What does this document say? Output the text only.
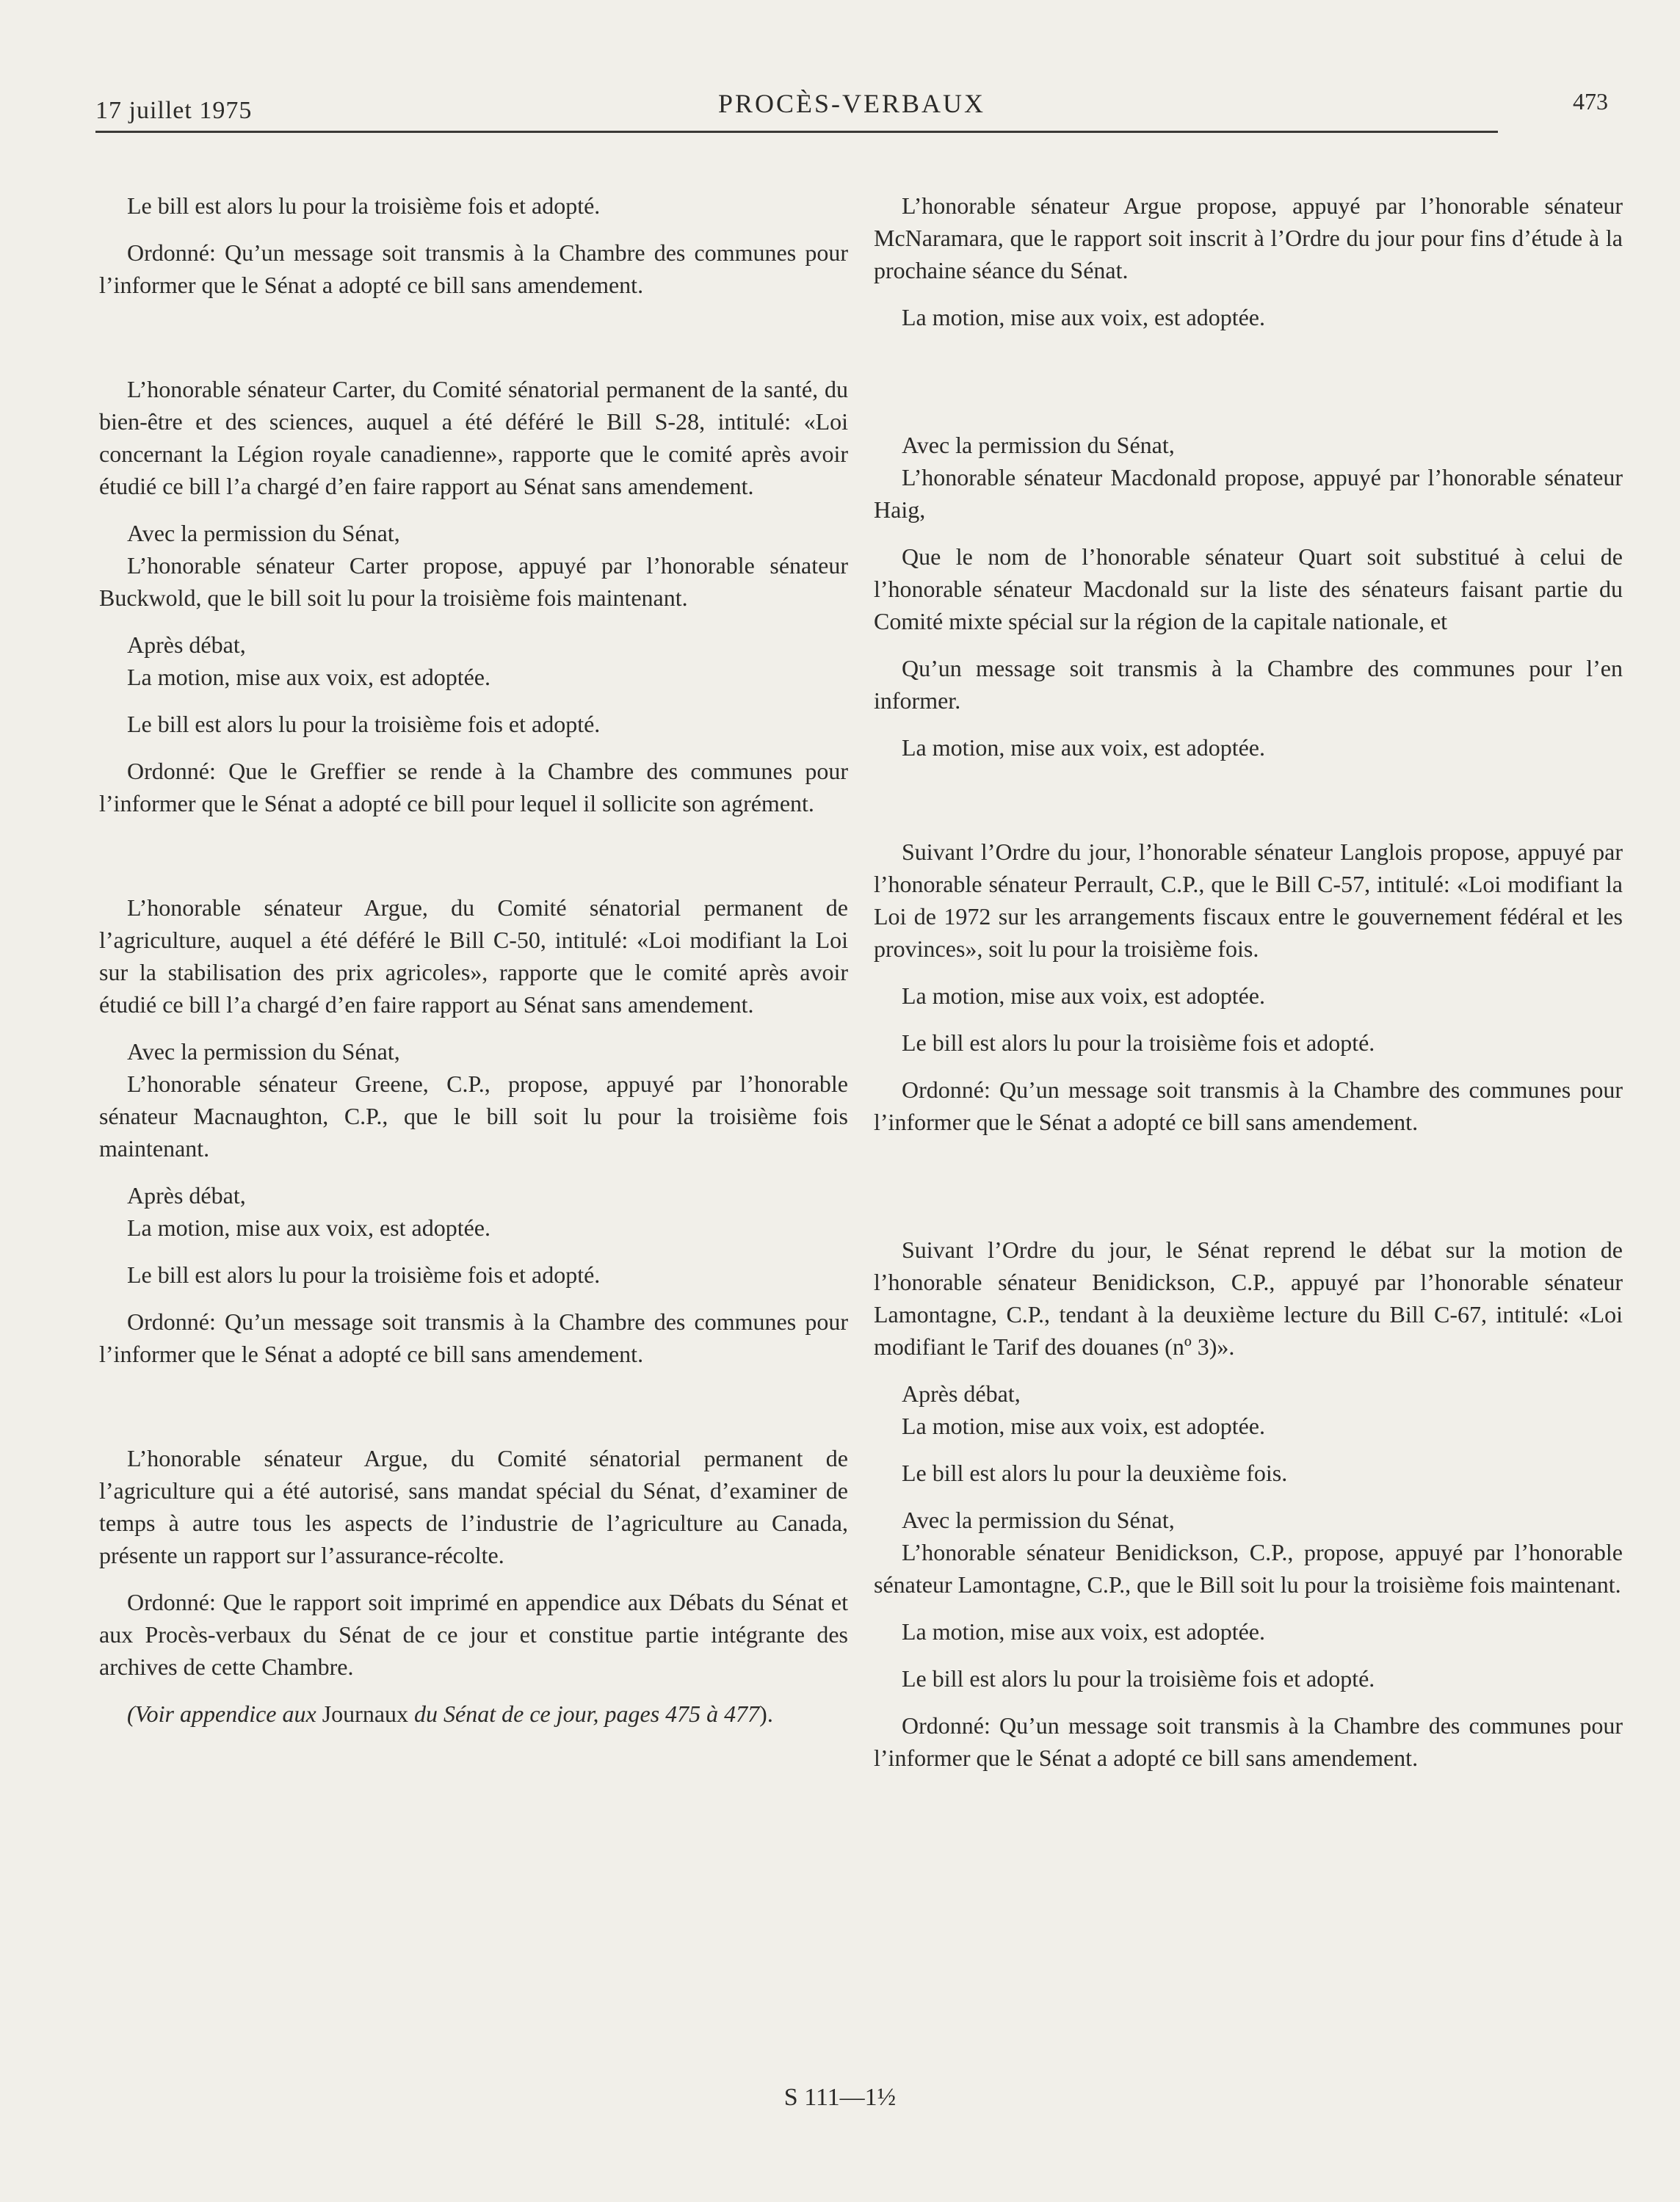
17 juillet 1975	PROCÈS-VERBAUX	473

Le bill est alors lu pour la troisième fois et adopté.

Ordonné: Qu’un message soit transmis à la Chambre des communes pour l’informer que le Sénat a adopté ce bill sans amendement.

L’honorable sénateur Carter, du Comité sénatorial permanent de la santé, du bien-être et des sciences, auquel a été déféré le Bill S-28, intitulé: «Loi concernant la Légion royale canadienne», rapporte que le comité après avoir étudié ce bill l’a chargé d’en faire rapport au Sénat sans amendement.

Avec la permission du Sénat,

L’honorable sénateur Carter propose, appuyé par l’honorable sénateur Buckwold, que le bill soit lu pour la troisième fois maintenant.

Après débat,

La motion, mise aux voix, est adoptée.

Le bill est alors lu pour la troisième fois et adopté.

Ordonné: Que le Greffier se rende à la Chambre des communes pour l’informer que le Sénat a adopté ce bill pour lequel il sollicite son agrément.

L’honorable sénateur Argue, du Comité sénatorial permanent de l’agriculture, auquel a été déféré le Bill C-50, intitulé: «Loi modifiant la Loi sur la stabilisation des prix agricoles», rapporte que le comité après avoir étudié ce bill l’a chargé d’en faire rapport au Sénat sans amendement.

Avec la permission du Sénat,

L’honorable sénateur Greene, C.P., propose, appuyé par l’honorable sénateur Macnaughton, C.P., que le bill soit lu pour la troisième fois maintenant.

Après débat,

La motion, mise aux voix, est adoptée.

Le bill est alors lu pour la troisième fois et adopté.

Ordonné: Qu’un message soit transmis à la Chambre des communes pour l’informer que le Sénat a adopté ce bill sans amendement.

L’honorable sénateur Argue, du Comité sénatorial permanent de l’agriculture qui a été autorisé, sans mandat spécial du Sénat, d’examiner de temps à autre tous les aspects de l’industrie de l’agriculture au Canada, présente un rapport sur l’assurance-récolte.

Ordonné: Que le rapport soit imprimé en appendice aux Débats du Sénat et aux Procès-verbaux du Sénat de ce jour et constitue partie intégrante des archives de cette Chambre.

(Voir appendice aux Journaux du Sénat de ce jour, pages 475 à 477).

L’honorable sénateur Argue propose, appuyé par l’honorable sénateur McNaramara, que le rapport soit inscrit à l’Ordre du jour pour fins d’étude à la prochaine séance du Sénat.

La motion, mise aux voix, est adoptée.

Avec la permission du Sénat,

L’honorable sénateur Macdonald propose, appuyé par l’honorable sénateur Haig,

Que le nom de l’honorable sénateur Quart soit substitué à celui de l’honorable sénateur Macdonald sur la liste des sénateurs faisant partie du Comité mixte spécial sur la région de la capitale nationale, et

Qu’un message soit transmis à la Chambre des communes pour l’en informer.

La motion, mise aux voix, est adoptée.

Suivant l’Ordre du jour, l’honorable sénateur Langlois propose, appuyé par l’honorable sénateur Perrault, C.P., que le Bill C-57, intitulé: «Loi modifiant la Loi de 1972 sur les arrangements fiscaux entre le gouvernement fédéral et les provinces», soit lu pour la troisième fois.

La motion, mise aux voix, est adoptée.

Le bill est alors lu pour la troisième fois et adopté.

Ordonné: Qu’un message soit transmis à la Chambre des communes pour l’informer que le Sénat a adopté ce bill sans amendement.

Suivant l’Ordre du jour, le Sénat reprend le débat sur la motion de l’honorable sénateur Benidickson, C.P., appuyé par l’honorable sénateur Lamontagne, C.P., tendant à la deuxième lecture du Bill C-67, intitulé: «Loi modifiant le Tarif des douanes (nº 3)».

Après débat,

La motion, mise aux voix, est adoptée.

Le bill est alors lu pour la deuxième fois.

Avec la permission du Sénat,

L’honorable sénateur Benidickson, C.P., propose, appuyé par l’honorable sénateur Lamontagne, C.P., que le Bill soit lu pour la troisième fois maintenant.

La motion, mise aux voix, est adoptée.

Le bill est alors lu pour la troisième fois et adopté.

Ordonné: Qu’un message soit transmis à la Chambre des communes pour l’informer que le Sénat a adopté ce bill sans amendement.

S 111—1½
